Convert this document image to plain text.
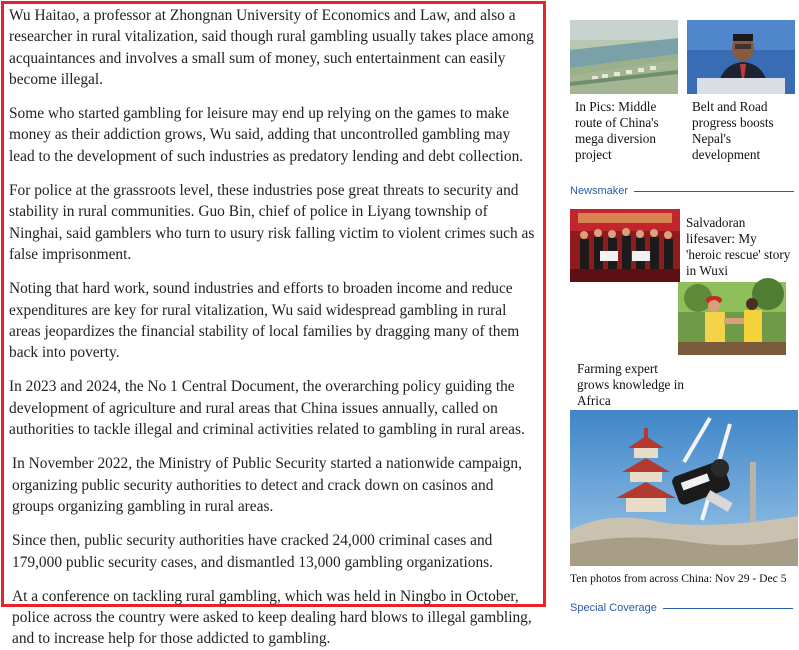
Wu Haitao, a professor at Zhongnan University of Economics and Law, and also a researcher in rural vitalization, said though rural gambling usually takes place among acquaintances and involves a small sum of money, such entertainment can easily become illegal.

Some who started gambling for leisure may end up relying on the games to make money as their addiction grows, Wu said, adding that uncontrolled gambling may lead to the development of such industries as predatory lending and debt collection.

For police at the grassroots level, these industries pose great threats to security and stability in rural communities. Guo Bin, chief of police in Liyang township of Ninghai, said gamblers who turn to usury risk falling victim to violent crimes such as false imprisonment.

Noting that hard work, sound industries and efforts to broaden income and reduce expenditures are key for rural vitalization, Wu said widespread gambling in rural areas jeopardizes the financial stability of local families by dragging many of them back into poverty.

In 2023 and 2024, the No 1 Central Document, the overarching policy guiding the development of agriculture and rural areas that China issues annually, called on authorities to tackle illegal and criminal activities related to gambling in rural areas.

In November 2022, the Ministry of Public Security started a nationwide campaign, organizing public security authorities to detect and crack down on casinos and groups organizing gambling in rural areas.

Since then, public security authorities have cracked 24,000 criminal cases and 179,000 public security cases, and dismantled 13,000 gambling organizations.

At a conference on tackling rural gambling, which was held in Ningbo in October, police across the country were asked to keep dealing hard blows to illegal gambling, and to increase help for those addicted to gambling.

In Pics: Middle route of China's mega diversion project
Belt and Road progress boosts Nepal's development
Newsmaker
Salvadoran lifesaver: My 'heroic rescue' story in Wuxi
Farming expert grows knowledge in Africa
Ten photos from across China: Nov 29 - Dec 5
Special Coverage
